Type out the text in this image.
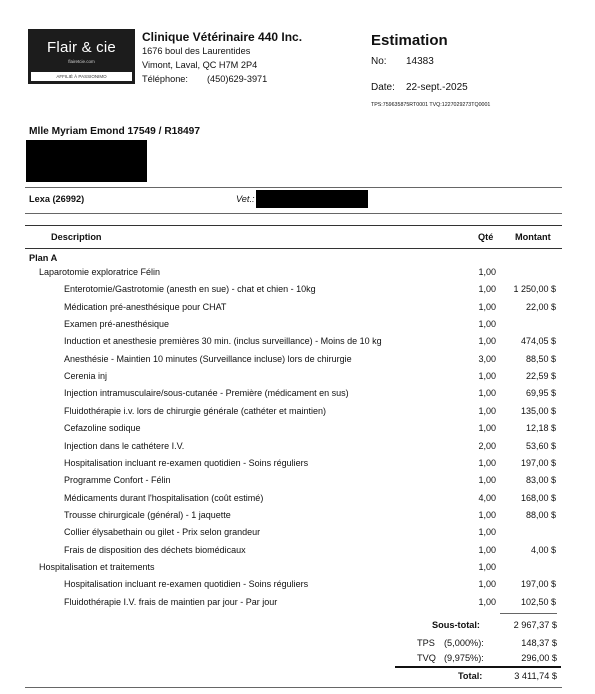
Flair & cie
flairetcie.com
AFFILIÉ À PASSIONIMO
Clinique Vétérinaire 440 Inc.
1676 boul des Laurentides
Vimont, Laval, QC H7M 2P4
Téléphone: (450)629-3971
Estimation
No: 14383
Date: 22-sept.-2025
TPS:759635875RT0001 TVQ:1227029273TQ0001
Mlle Myriam Emond 17549 / R18497
Lexa (26992)	Vet.:
Description	Qté Montant
Plan A
Laparotomie exploratrice Félin	1,00
Enterotomie/Gastrotomie (anesth en sue) - chat et chien - 10kg	1,00	1 250,00 $
Médication pré-anesthésique pour CHAT	1,00	22,00 $
Examen pré-anesthésique	1,00
Induction et anesthesie premières 30 min. (inclus surveillance) - Moins de 10 kg	1,00	474,05 $
Anesthésie - Maintien 10 minutes (Surveillance incluse) lors de chirurgie	3,00	88,50 $
Cerenia inj	1,00	22,59 $
Injection intramusculaire/sous-cutanée - Première (médicament en sus)	1,00	69,95 $
Fluidothérapie i.v. lors de chirurgie générale (cathéter et maintien)	1,00	135,00 $
Cefazoline sodique	1,00	12,18 $
Injection dans le cathétere I.V.	2,00	53,60 $
Hospitalisation incluant re-examen quotidien - Soins réguliers	1,00	197,00 $
Programme Confort - Félin	1,00	83,00 $
Médicaments durant l'hospitalisation (coût estimé)	4,00	168,00 $
Trousse chirurgicale (général) - 1 jaquette	1,00	88,00 $
Collier élysabethain ou gilet - Prix selon grandeur	1,00
Frais de disposition des déchets biomédicaux	1,00	4,00 $
Hospitalisation et traitements	1,00
Hospitalisation incluant re-examen quotidien - Soins réguliers	1,00	197,00 $
Fluidothérapie I.V. frais de maintien par jour - Par jour	1,00	102,50 $
Sous-total:	2 967,37 $
TPS (5,000%):	148,37 $
TVQ (9,975%):	296,00 $
Total:	3 411,74 $
